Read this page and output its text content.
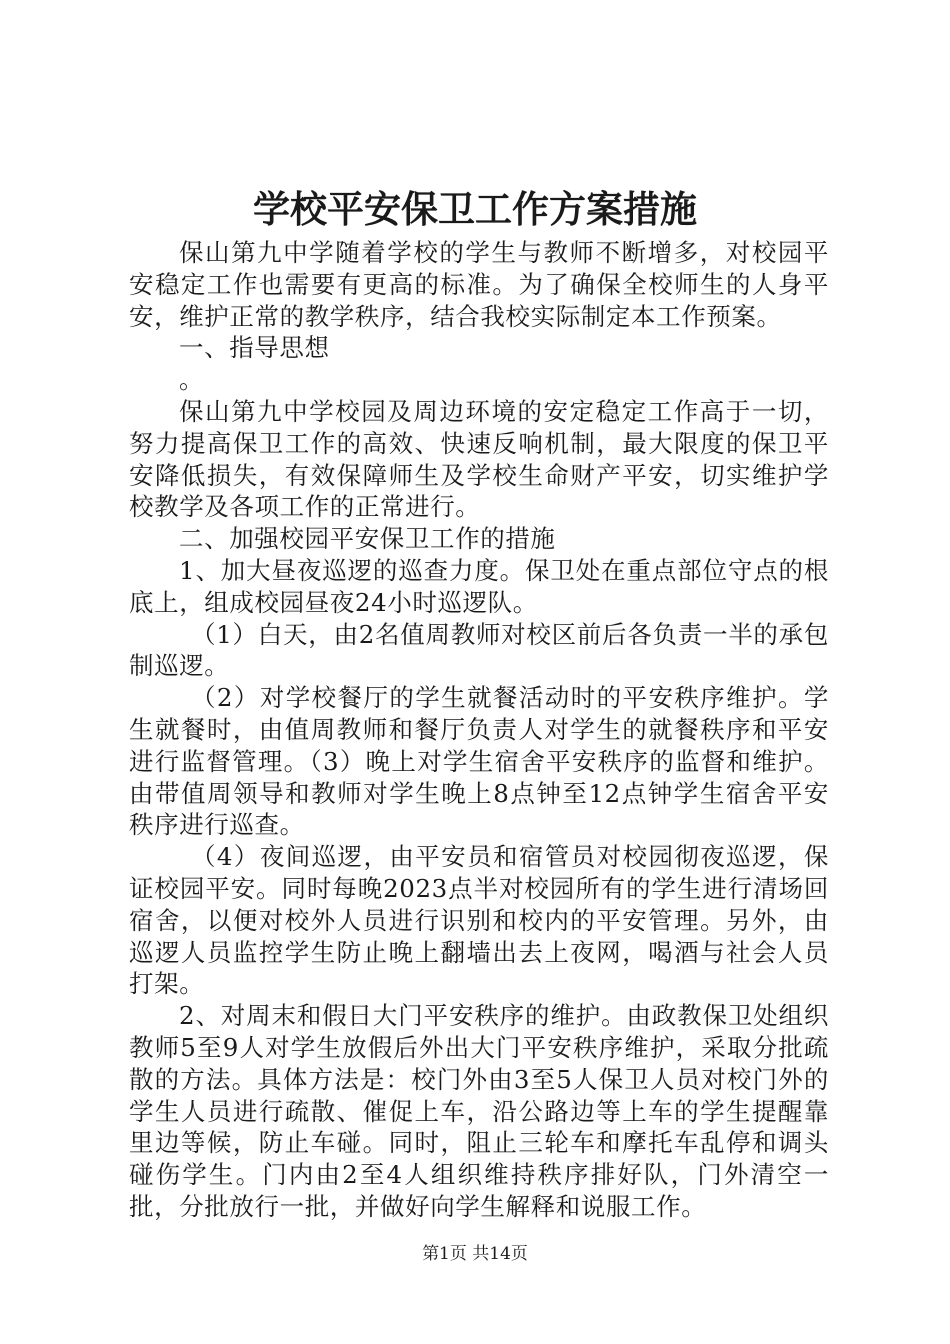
学校平安保卫工作方案措施

保山第九中学随着学校的学生与教师不断增多，对校园平安稳定工作也需要有更高的标准。为了确保全校师生的人身平安，维护正常的教学秩序，结合我校实际制定本工作预案。

一、指导思想

。

保山第九中学校园及周边环境的安定稳定工作高于一切，努力提高保卫工作的高效、快速反响机制，最大限度的保卫平安降低损失，有效保障师生及学校生命财产平安，切实维护学校教学及各项工作的正常进行。

二、加强校园平安保卫工作的措施

1、加大昼夜巡逻的巡查力度。保卫处在重点部位守点的根底上，组成校园昼夜24小时巡逻队。

（1）白天，由2名值周教师对校区前后各负责一半的承包制巡逻。

（2）对学校餐厅的学生就餐活动时的平安秩序维护。学生就餐时，由值周教师和餐厅负责人对学生的就餐秩序和平安进行监督管理。（3）晚上对学生宿舍平安秩序的监督和维护。由带值周领导和教师对学生晚上8点钟至12点钟学生宿舍平安秩序进行巡查。

（4）夜间巡逻，由平安员和宿管员对校园彻夜巡逻，保证校园平安。同时每晚2023点半对校园所有的学生进行清场回宿舍，以便对校外人员进行识别和校内的平安管理。另外，由巡逻人员监控学生防止晚上翻墙出去上夜网，喝酒与社会人员打架。

2、对周末和假日大门平安秩序的维护。由政教保卫处组织教师5至9人对学生放假后外出大门平安秩序维护，采取分批疏散的方法。具体方法是：校门外由3至5人保卫人员对校门外的学生人员进行疏散、催促上车，沿公路边等上车的学生提醒靠里边等候，防止车碰。同时，阻止三轮车和摩托车乱停和调头碰伤学生。门内由2至4人组织维持秩序排好队，门外清空一批，分批放行一批，并做好向学生解释和说服工作。

第1页 共14页
